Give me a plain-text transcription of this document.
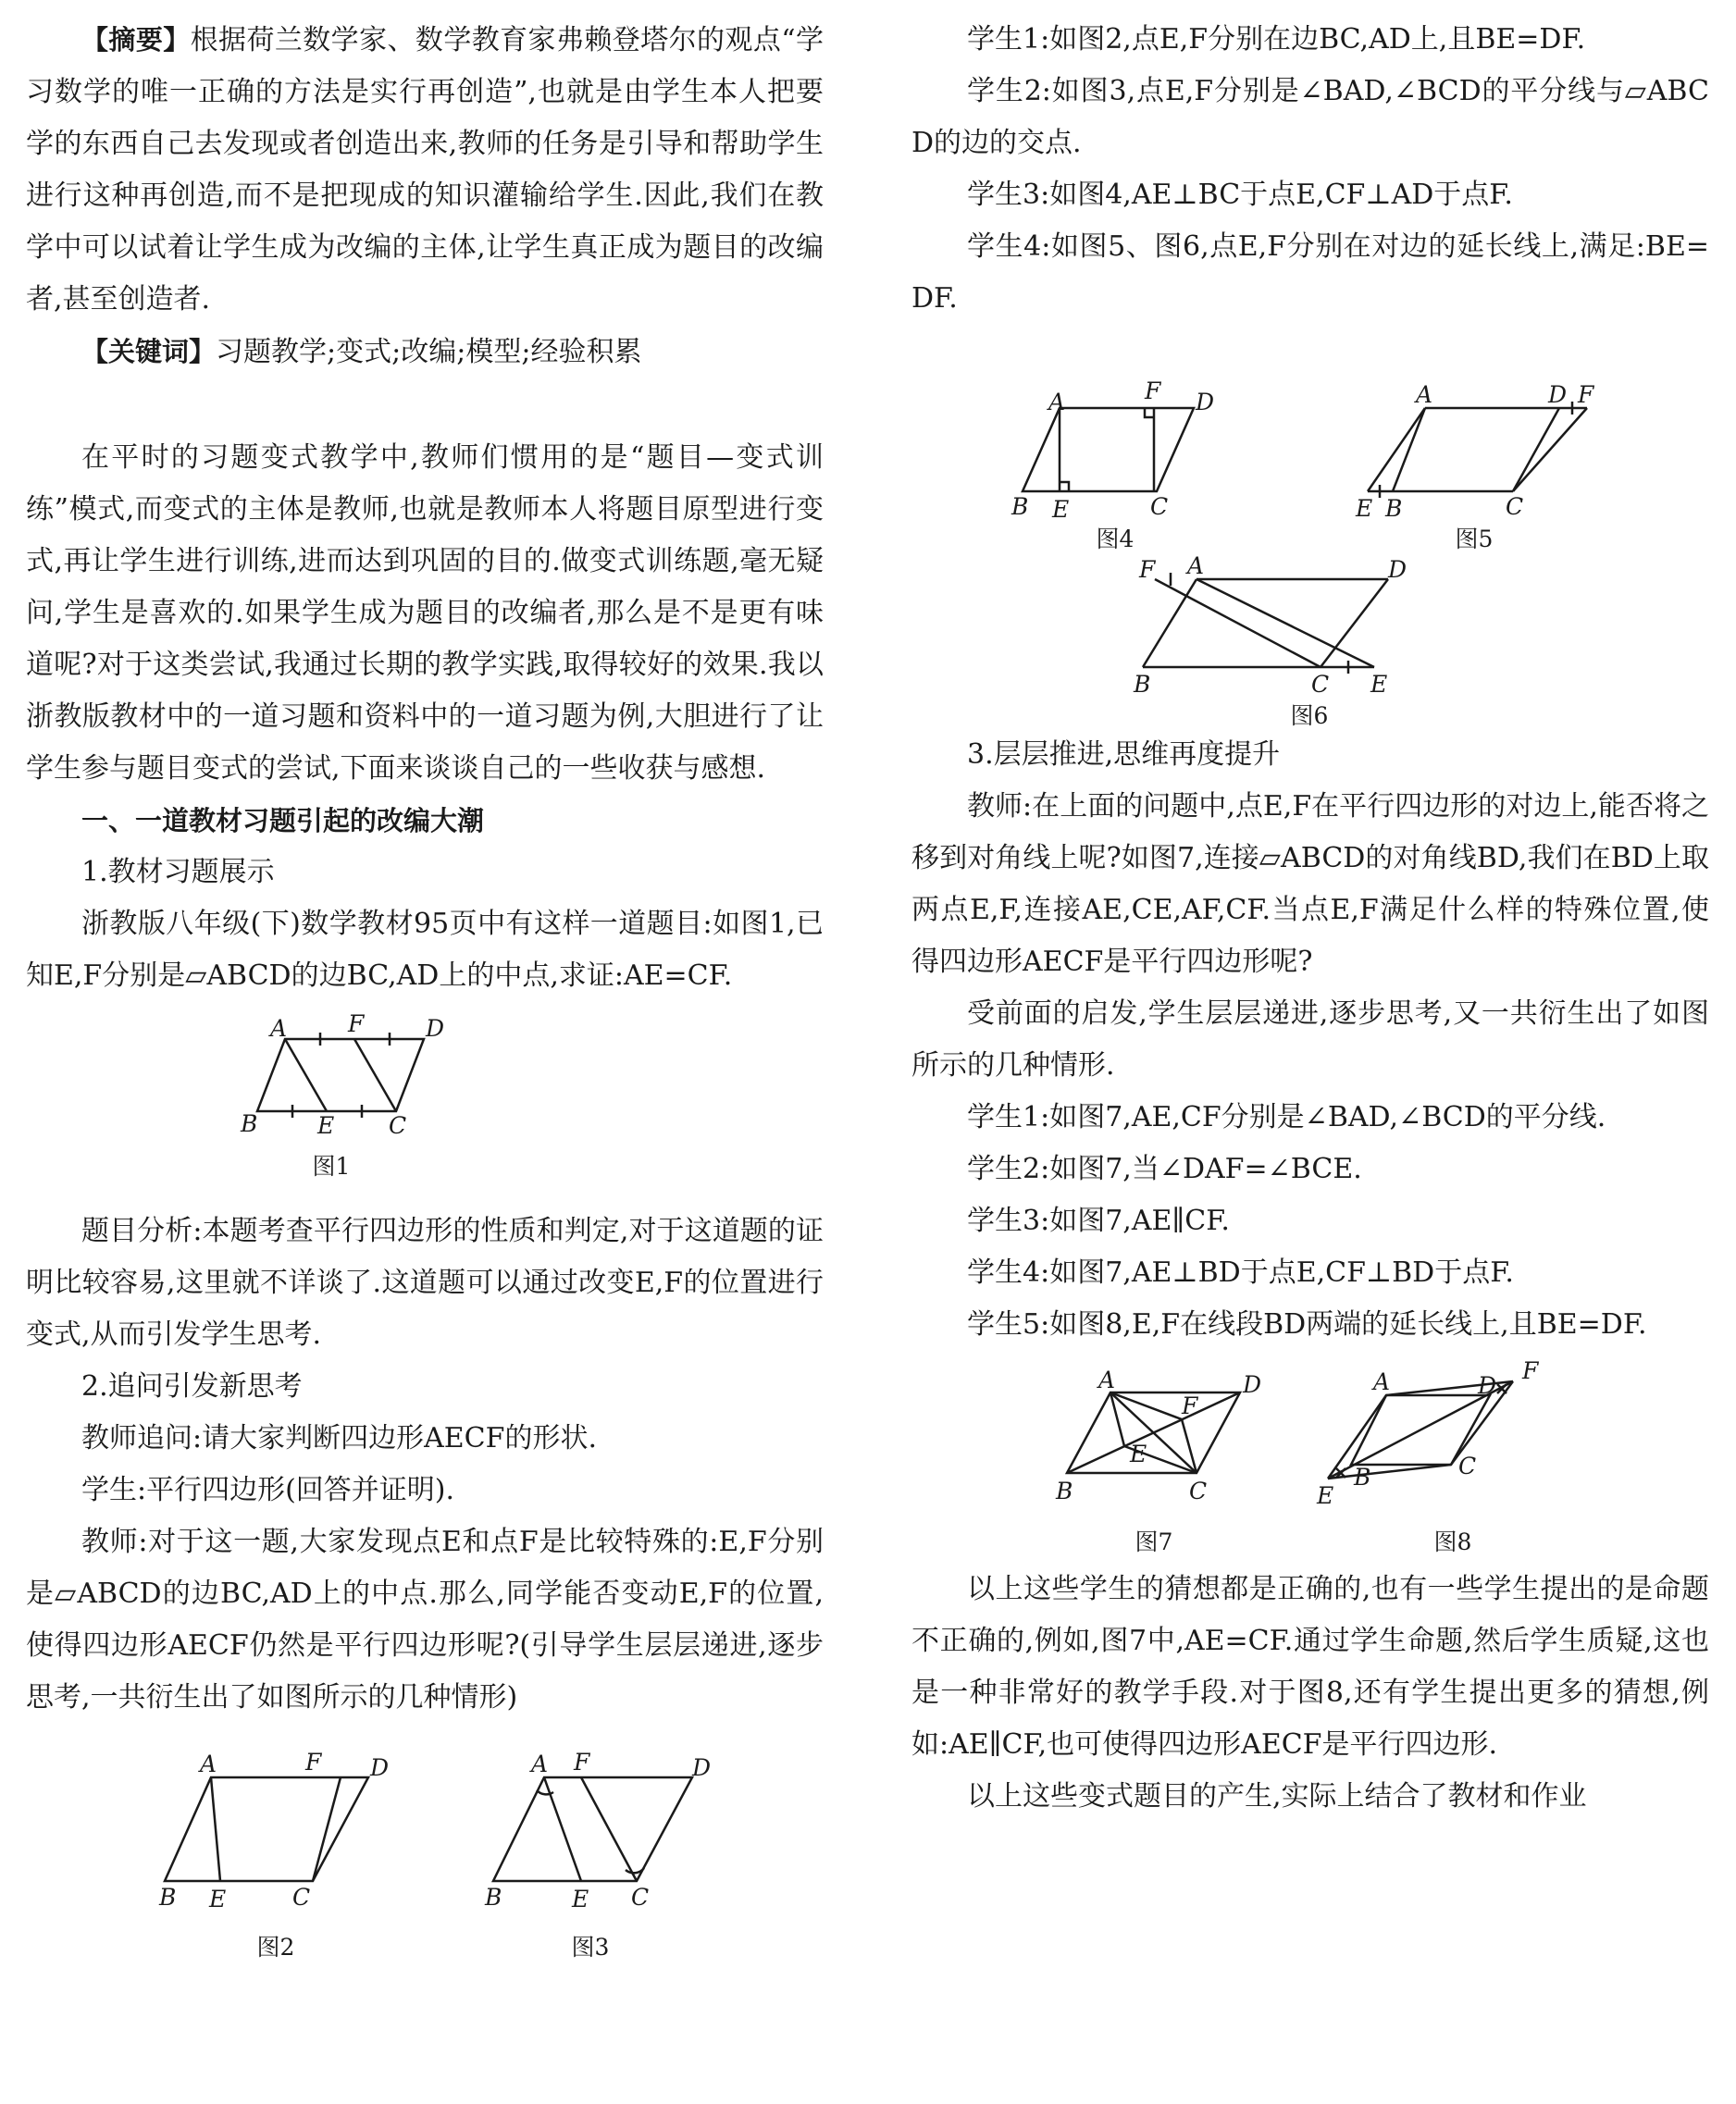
【摘要】根据荷兰数学家、数学教育家弗赖登塔尔的观点“学习数学的唯一正确的方法是实行再创造”,也就是由学生本人把要学的东西自己去发现或者创造出来,教师的任务是引导和帮助学生进行这种再创造,而不是把现成的知识灌输给学生.因此,我们在教学中可以试着让学生成为改编的主体,让学生真正成为题目的改编者,甚至创造者.

【关键词】习题教学;变式;改编;模型;经验积累

在平时的习题变式教学中,教师们惯用的是“题目—变式训练”模式,而变式的主体是教师,也就是教师本人将题目原型进行变式,再让学生进行训练,进而达到巩固的目的.做变式训练题,毫无疑问,学生是喜欢的.如果学生成为题目的改编者,那么是不是更有味道呢?对于这类尝试,我通过长期的教学实践,取得较好的效果.我以浙教版教材中的一道习题和资料中的一道习题为例,大胆进行了让学生参与题目变式的尝试,下面来谈谈自己的一些收获与感想.

一、一道教材习题引起的改编大潮

1.教材习题展示

浙教版八年级(下)数学教材95页中有这样一道题目:如图1,已知E,F分别是▱ABCD的边BC,AD上的中点,求证:AE=CF.

A	F	D
B	E C
图1

题目分析:本题考查平行四边形的性质和判定,对于这道题的证明比较容易,这里就不详谈了.这道题可以通过改变E,F的位置进行变式,从而引发学生思考.

2.追问引发新思考

教师追问:请大家判断四边形AECF的形状.

学生:平行四边形(回答并证明).

教师:对于这一题,大家发现点E和点F是比较特殊的:E,F分别是▱ABCD的边BC,AD上的中点.那么,同学能否变动E,F的位置,使得四边形AECF仍然是平行四边形呢?(引导学生层层递进,逐步思考,一共衍生出了如图所示的几种情形)

A	F D
B E	C
图2
A F	D
B	E C
图3

学生1:如图2,点E,F分别在边BC,AD上,且BE=DF.

学生2:如图3,点E,F分别是∠BAD,∠BCD的平分线与▱ABCD的边的交点.

学生3:如图4,AE⊥BC于点E,CF⊥AD于点F.

学生4:如图5、图6,点E,F分别在对边的延长线上,满足:BE=DF.

A	F D
B E	C
图4
A	D F
E B	C
图5
F A	D
B	C E
图6

3.层层推进,思维再度提升

教师:在上面的问题中,点E,F在平行四边形的对边上,能否将之移到对角线上呢?如图7,连接▱ABCD的对角线BD,我们在BD上取两点E,F,连接AE,CE,AF,CF.当点E,F满足什么样的特殊位置,使得四边形AECF是平行四边形呢?

受前面的启发,学生层层递进,逐步思考,又一共衍生出了如图所示的几种情形.

学生1:如图7,AE,CF分别是∠BAD,∠BCD的平分线.

学生2:如图7,当∠DAF=∠BCE.

学生3:如图7,AE∥CF.

学生4:如图7,AE⊥BD于点E,CF⊥BD于点F.

学生5:如图8,E,F在线段BD两端的延长线上,且BE=DF.

A	D
F
E
B	C
图7
A	D
F
B	C
E
图8

以上这些学生的猜想都是正确的,也有一些学生提出的是命题不正确的,例如,图7中,AE=CF.通过学生命题,然后学生质疑,这也是一种非常好的教学手段.对于图8,还有学生提出更多的猜想,例如:AE∥CF,也可使得四边形AECF是平行四边形.

以上这些变式题目的产生,实际上结合了教材和作业
